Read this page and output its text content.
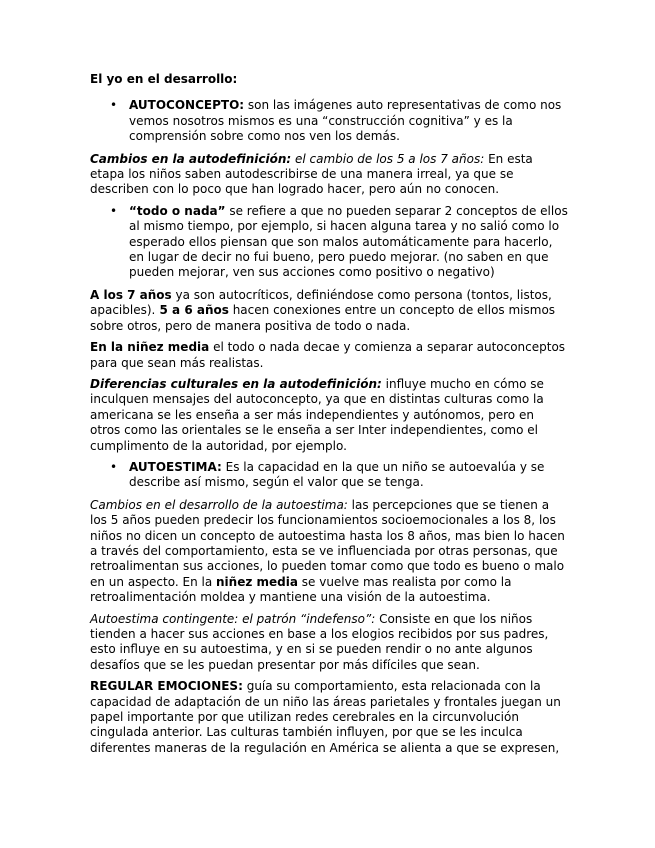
El yo en el desarrollo:

• AUTOCONCEPTO: son las imágenes auto representativas de como nos vemos nosotros mismos es una “construcción cognitiva” y es la comprensión sobre como nos ven los demás.

Cambios en la autodefinición: el cambio de los 5 a los 7 años: En esta etapa los niños saben autodescribirse de una manera irreal, ya que se describen con lo poco que han logrado hacer, pero aún no conocen.

• “todo o nada” se refiere a que no pueden separar 2 conceptos de ellos al mismo tiempo, por ejemplo, si hacen alguna tarea y no salió como lo esperado ellos piensan que son malos automáticamente para hacerlo, en lugar de decir no fui bueno, pero puedo mejorar. (no saben en que pueden mejorar, ven sus acciones como positivo o negativo)

A los 7 años ya son autocríticos, definiéndose como persona (tontos, listos, apacibles). 5 a 6 años hacen conexiones entre un concepto de ellos mismos sobre otros, pero de manera positiva de todo o nada.

En la niñez media el todo o nada decae y comienza a separar autoconceptos para que sean más realistas.

Diferencias culturales en la autodefinición: influye mucho en cómo se inculquen mensajes del autoconcepto, ya que en distintas culturas como la americana se les enseña a ser más independientes y autónomos, pero en otros como las orientales se le enseña a ser Inter independientes, como el cumplimento de la autoridad, por ejemplo.

• AUTOESTIMA: Es la capacidad en la que un niño se autoevalúa y se describe así mismo, según el valor que se tenga.

Cambios en el desarrollo de la autoestima: las percepciones que se tienen a los 5 años pueden predecir los funcionamientos socioemocionales a los 8, los niños no dicen un concepto de autoestima hasta los 8 años, mas bien lo hacen a través del comportamiento, esta se ve influenciada por otras personas, que retroalimentan sus acciones, lo pueden tomar como que todo es bueno o malo en un aspecto. En la niñez media se vuelve mas realista por como la retroalimentación moldea y mantiene una visión de la autoestima.

Autoestima contingente: el patrón “indefenso”: Consiste en que los niños tienden a hacer sus acciones en base a los elogios recibidos por sus padres, esto influye en su autoestima, y en si se pueden rendir o no ante algunos desafíos que se les puedan presentar por más difíciles que sean.

REGULAR EMOCIONES: guía su comportamiento, esta relacionada con la capacidad de adaptación de un niño las áreas parietales y frontales juegan un papel importante por que utilizan redes cerebrales en la circunvolución cingulada anterior. Las culturas también influyen, por que se les inculca diferentes maneras de la regulación en América se alienta a que se expresen,
